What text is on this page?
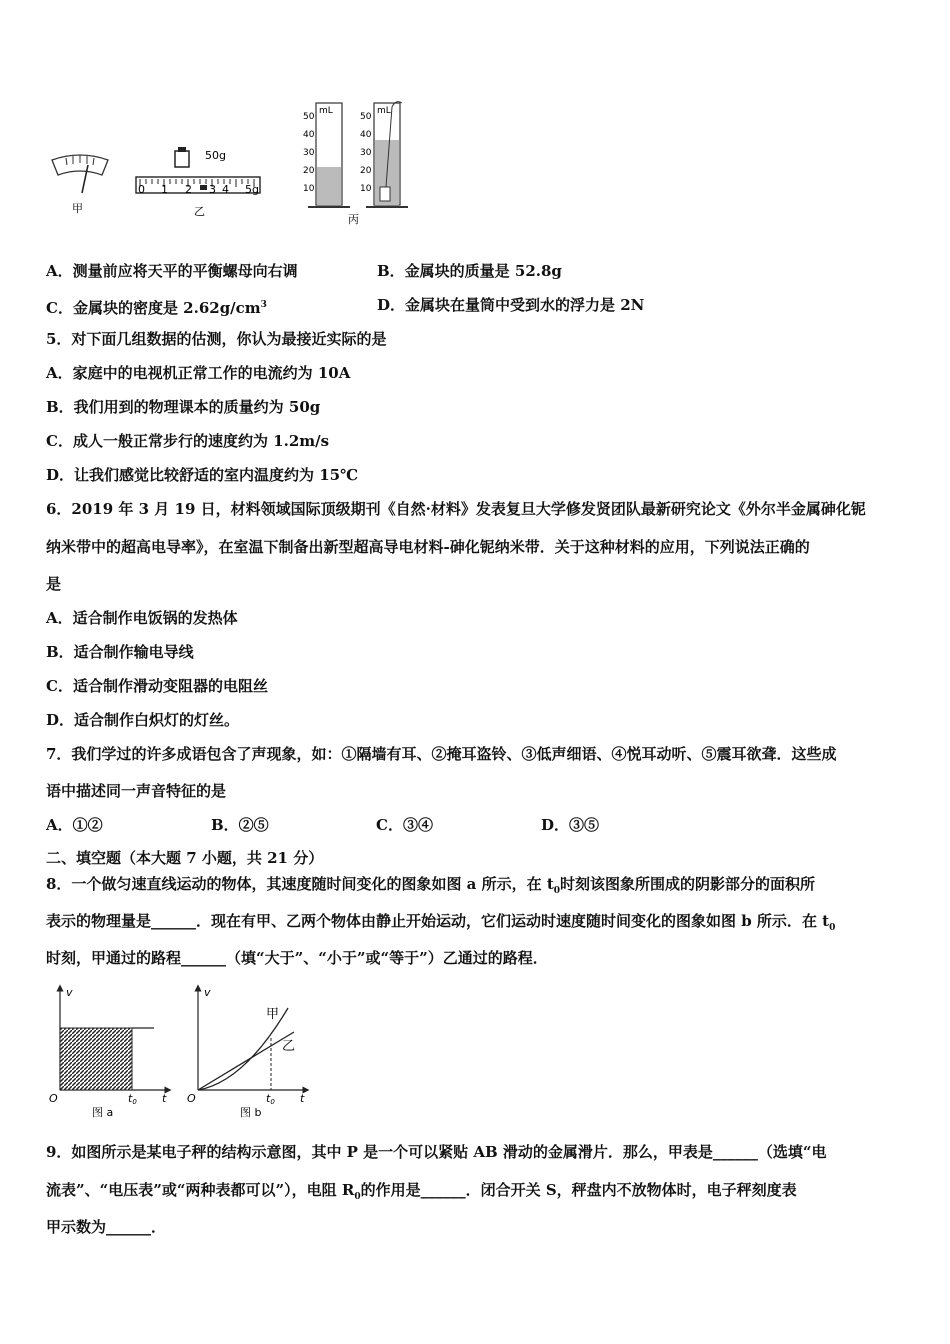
甲
50g
0 1 2 3 4 5g
乙
mL
50
40
30
20
10
mL
50
40
30
20
10
丙
A．测量前应将天平的平衡螺母向右调	B．金属块的质量是 52.8g
C．金属块的密度是 $2.62g/cm^3$	D．金属块在量筒中受到水的浮力是 2N
5．对下面几组数据的估测，你认为最接近实际的是
A．家庭中的电视机正常工作的电流约为 10A
B．我们用到的物理课本的质量约为 50g
C．成人一般正常步行的速度约为 1.2m/s
D．让我们感觉比较舒适的室内温度约为 15℃
6．2019 年 3 月 19 日，材料领域国际顶级期刊《自然·材料》发表复旦大学修发贤团队最新研究论文《外尔半金属砷化铌
纳米带中的超高电导率》，在室温下制备出新型超高导电材料-砷化铌纳米带．关于这种材料的应用，下列说法正确的
是
A．适合制作电饭锅的发热体
B．适合制作输电导线
C．适合制作滑动变阻器的电阻丝
D．适合制作白炽灯的灯丝。
7．我们学过的许多成语包含了声现象，如：①隔墙有耳、②掩耳盗铃、③低声细语、④悦耳动听、⑤震耳欲聋．这些成
语中描述同一声音特征的是
A．①②	B．②⑤	C．③④	D．③⑤
二、填空题（本大题 7 小题，共 21 分）
8．一个做匀速直线运动的物体，其速度随时间变化的图象如图 a 所示，在 $t_0$时刻该图象所围成的阴影部分的面积所
表示的物理量是______．现在有甲、乙两个物体由静止开始运动，它们运动时速度随时间变化的图象如图 b 所示．在 $t_0$
时刻，甲通过的路程______（填“大于”、“小于”或“等于”）乙通过的路程．
v
t
O	t0
图 a
v
t
O	t0
甲
乙
图 b
9．如图所示是某电子秤的结构示意图，其中 P 是一个可以紧贴 AB 滑动的金属滑片．那么，甲表是______（选填“电
流表”、“电压表”或“两种表都可以”），电阻 $R_0$的作用是______．闭合开关 S，秤盘内不放物体时，电子秤刻度表
甲示数为______．
